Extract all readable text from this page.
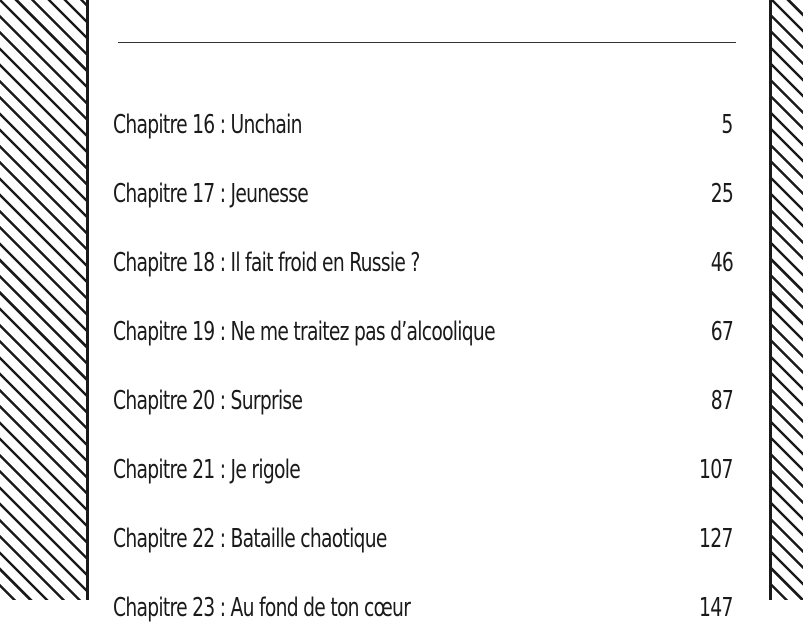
Chapitre 16 : Unchain	5
Chapitre 17 : Jeunesse	25
Chapitre 18 : Il fait froid en Russie ?	46
Chapitre 19 : Ne me traitez pas d’alcoolique	67
Chapitre 20 : Surprise	87
Chapitre 21 : Je rigole	107
Chapitre 22 : Bataille chaotique	127
Chapitre 23 : Au fond de ton cœur	147
